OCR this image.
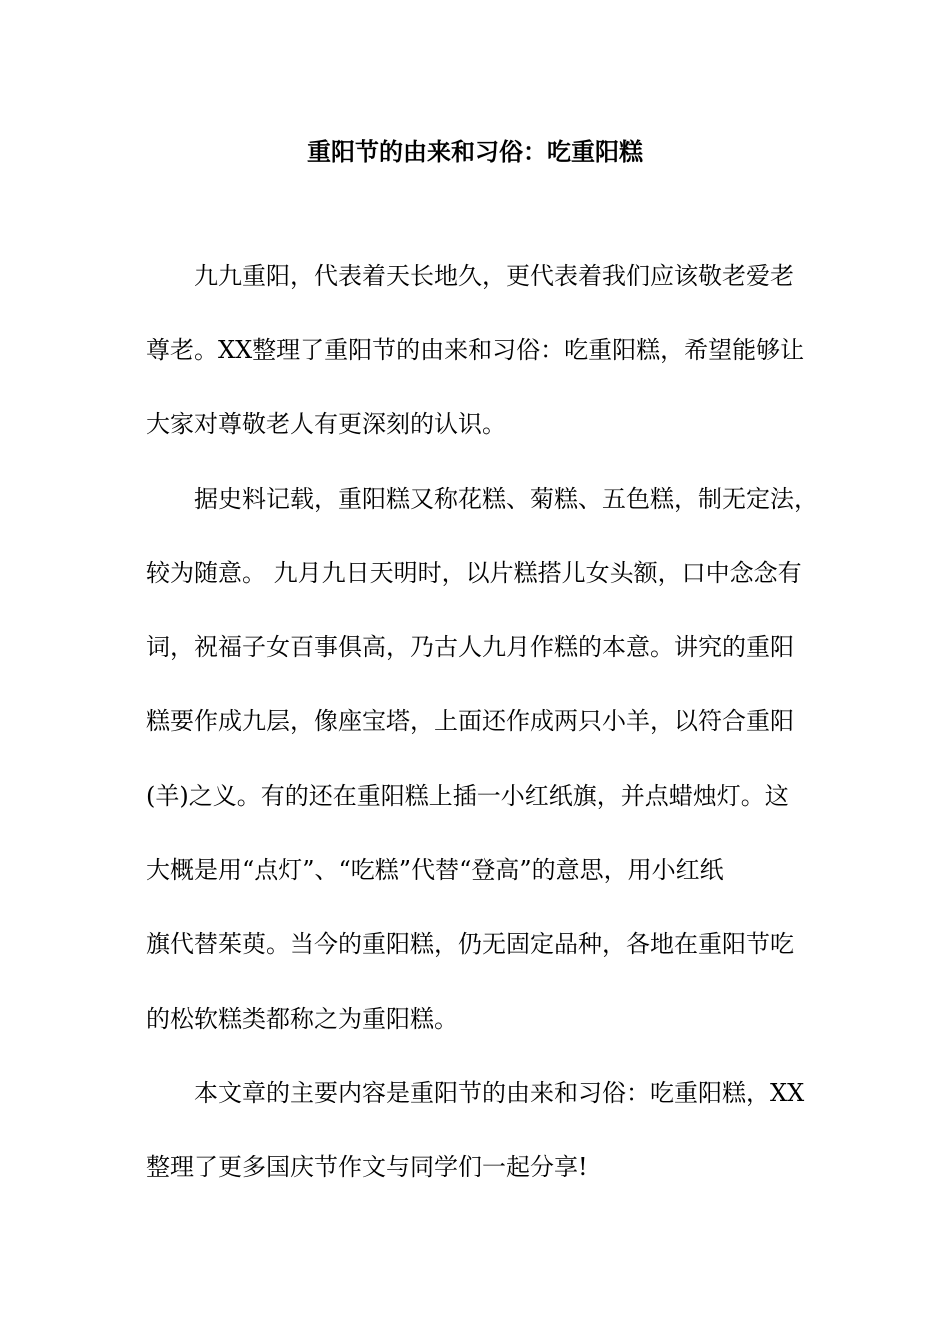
重阳节的由来和习俗：吃重阳糕

九九重阳，代表着天长地久，更代表着我们应该敬老爱老

尊老。XX整理了重阳节的由来和习俗：吃重阳糕，希望能够让

大家对尊敬老人有更深刻的认识。

据史料记载，重阳糕又称花糕、菊糕、五色糕，制无定法，

较为随意。 九月九日天明时，以片糕搭儿女头额，口中念念有

词，祝福子女百事俱高，乃古人九月作糕的本意。讲究的重阳

糕要作成九层，像座宝塔，上面还作成两只小羊，以符合重阳

(羊)之义。有的还在重阳糕上插一小红纸旗，并点蜡烛灯。这

大概是用“点灯”、“吃糕”代替“登高”的意思，用小红纸

旗代替茱萸。当今的重阳糕，仍无固定品种，各地在重阳节吃

的松软糕类都称之为重阳糕。

本文章的主要内容是重阳节的由来和习俗：吃重阳糕，XX

整理了更多国庆节作文与同学们一起分享!
